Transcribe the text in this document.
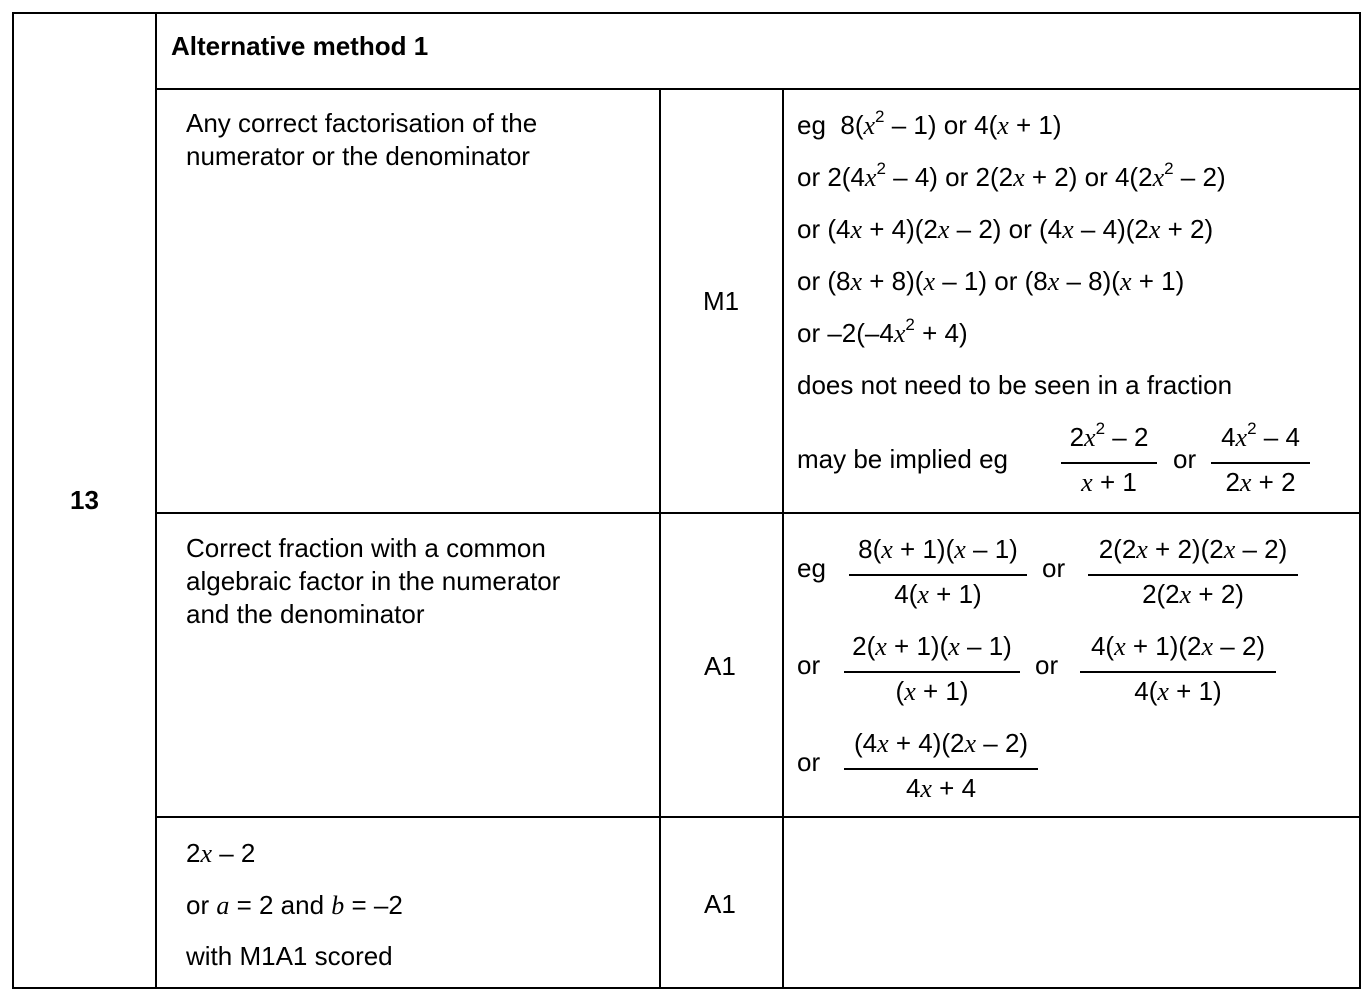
13
Alternative method 1
Any correct factorisation of the
numerator or the denominator
M1
eg $8(x^2 - 1)$ or 4(x + 1)
or $2(4x^2 - 4)$ or 2(2x + 2) or $4(2x^2 - 2)$
or (4x + 4)(2x – 2) or (4x – 4)(2x + 2)
or (8x + 8)(x – 1) or (8x – 8)(x + 1)
or $-2(-4x^2 + 4)$
does not need to be seen in a fraction
may be implied eg
$2x^2 - 2$
x + 1
or
$4x^2 - 4$
2x + 2
Correct fraction with a common
algebraic factor in the numerator
and the denominator
A1
eg
8(x + 1)(x – 1)
4(x + 1)
or
2(2x + 2)(2x – 2)
2(2x + 2)
or
2(x + 1)(x – 1)
(x + 1)
or
4(x + 1)(2x – 2)
4(x + 1)
or
(4x + 4)(2x – 2)
4x + 4
2x – 2
or a = 2 and b = –2
with M1A1 scored
A1
